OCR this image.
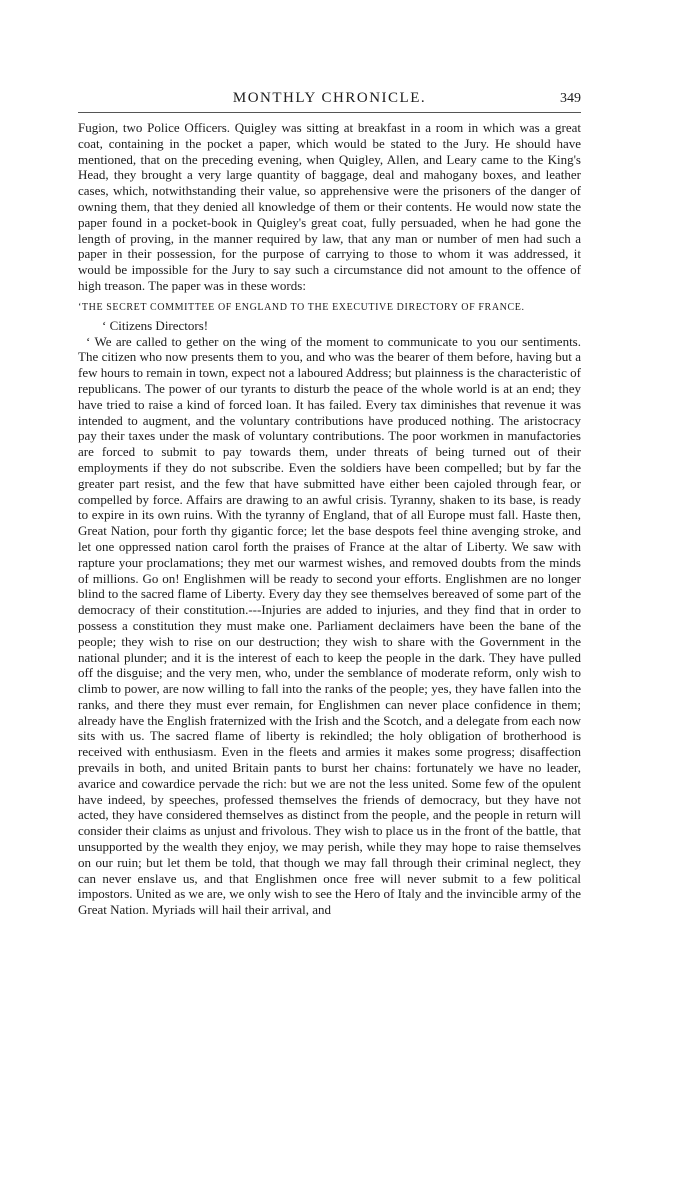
MONTHLY CHRONICLE.	349

Fugion, two Police Officers. Quigley was sitting at breakfast in a room in which was a great coat, containing in the pocket a paper, which would be stated to the Jury. He should have mentioned, that on the preceding evening, when Quigley, Allen, and Leary came to the King's Head, they brought a very large quantity of baggage, deal and mahogany boxes, and leather cases, which, notwithstanding their value, so apprehensive were the prisoners of the danger of owning them, that they denied all knowledge of them or their contents. He would now state the paper found in a pocket-book in Quigley's great coat, fully persuaded, when he had gone the length of proving, in the manner required by law, that any man or number of men had such a paper in their possession, for the purpose of carrying to those to whom it was addressed, it would be impossible for the Jury to say such a circumstance did not amount to the offence of high treason. The paper was in these words:

‘THE SECRET COMMITTEE OF ENGLAND TO THE EXECUTIVE DIRECTORY OF FRANCE.

‘ Citizens Directors!

‘ We are called to gether on the wing of the moment to communicate to you our sentiments. The citizen who now presents them to you, and who was the bearer of them before, having but a few hours to remain in town, expect not a laboured Address; but plainness is the characteristic of republicans. The power of our tyrants to disturb the peace of the whole world is at an end; they have tried to raise a kind of forced loan. It has failed. Every tax diminishes that revenue it was intended to augment, and the voluntary contributions have produced nothing. The aristocracy pay their taxes under the mask of voluntary contributions. The poor workmen in manufactories are forced to submit to pay towards them, under threats of being turned out of their employments if they do not subscribe. Even the soldiers have been compelled; but by far the greater part resist, and the few that have submitted have either been cajoled through fear, or compelled by force. Affairs are drawing to an awful crisis. Tyranny, shaken to its base, is ready to expire in its own ruins. With the tyranny of England, that of all Europe must fall. Haste then, Great Nation, pour forth thy gigantic force; let the base despots feel thine avenging stroke, and let one oppressed nation carol forth the praises of France at the altar of Liberty. We saw with rapture your proclamations; they met our warmest wishes, and removed doubts from the minds of millions. Go on! Englishmen will be ready to second your efforts. Englishmen are no longer blind to the sacred flame of Liberty. Every day they see themselves bereaved of some part of the democracy of their constitution.---Injuries are added to injuries, and they find that in order to possess a constitution they must make one. Parliament declaimers have been the bane of the people; they wish to rise on our destruction; they wish to share with the Government in the national plunder; and it is the interest of each to keep the people in the dark. They have pulled off the disguise; and the very men, who, under the semblance of moderate reform, only wish to climb to power, are now willing to fall into the ranks of the people; yes, they have fallen into the ranks, and there they must ever remain, for Englishmen can never place confidence in them; already have the English fraternized with the Irish and the Scotch, and a delegate from each now sits with us. The sacred flame of liberty is rekindled; the holy obligation of brotherhood is received with enthusiasm. Even in the fleets and armies it makes some progress; disaffection prevails in both, and united Britain pants to burst her chains: fortunately we have no leader, avarice and cowardice pervade the rich: but we are not the less united. Some few of the opulent have indeed, by speeches, professed themselves the friends of democracy, but they have not acted, they have considered themselves as distinct from the people, and the people in return will consider their claims as unjust and frivolous. They wish to place us in the front of the battle, that unsupported by the wealth they enjoy, we may perish, while they may hope to raise themselves on our ruin; but let them be told, that though we may fall through their criminal neglect, they can never enslave us, and that Englishmen once free will never submit to a few political impostors. United as we are, we only wish to see the Hero of Italy and the invincible army of the Great Nation. Myriads will hail their arrival, and
